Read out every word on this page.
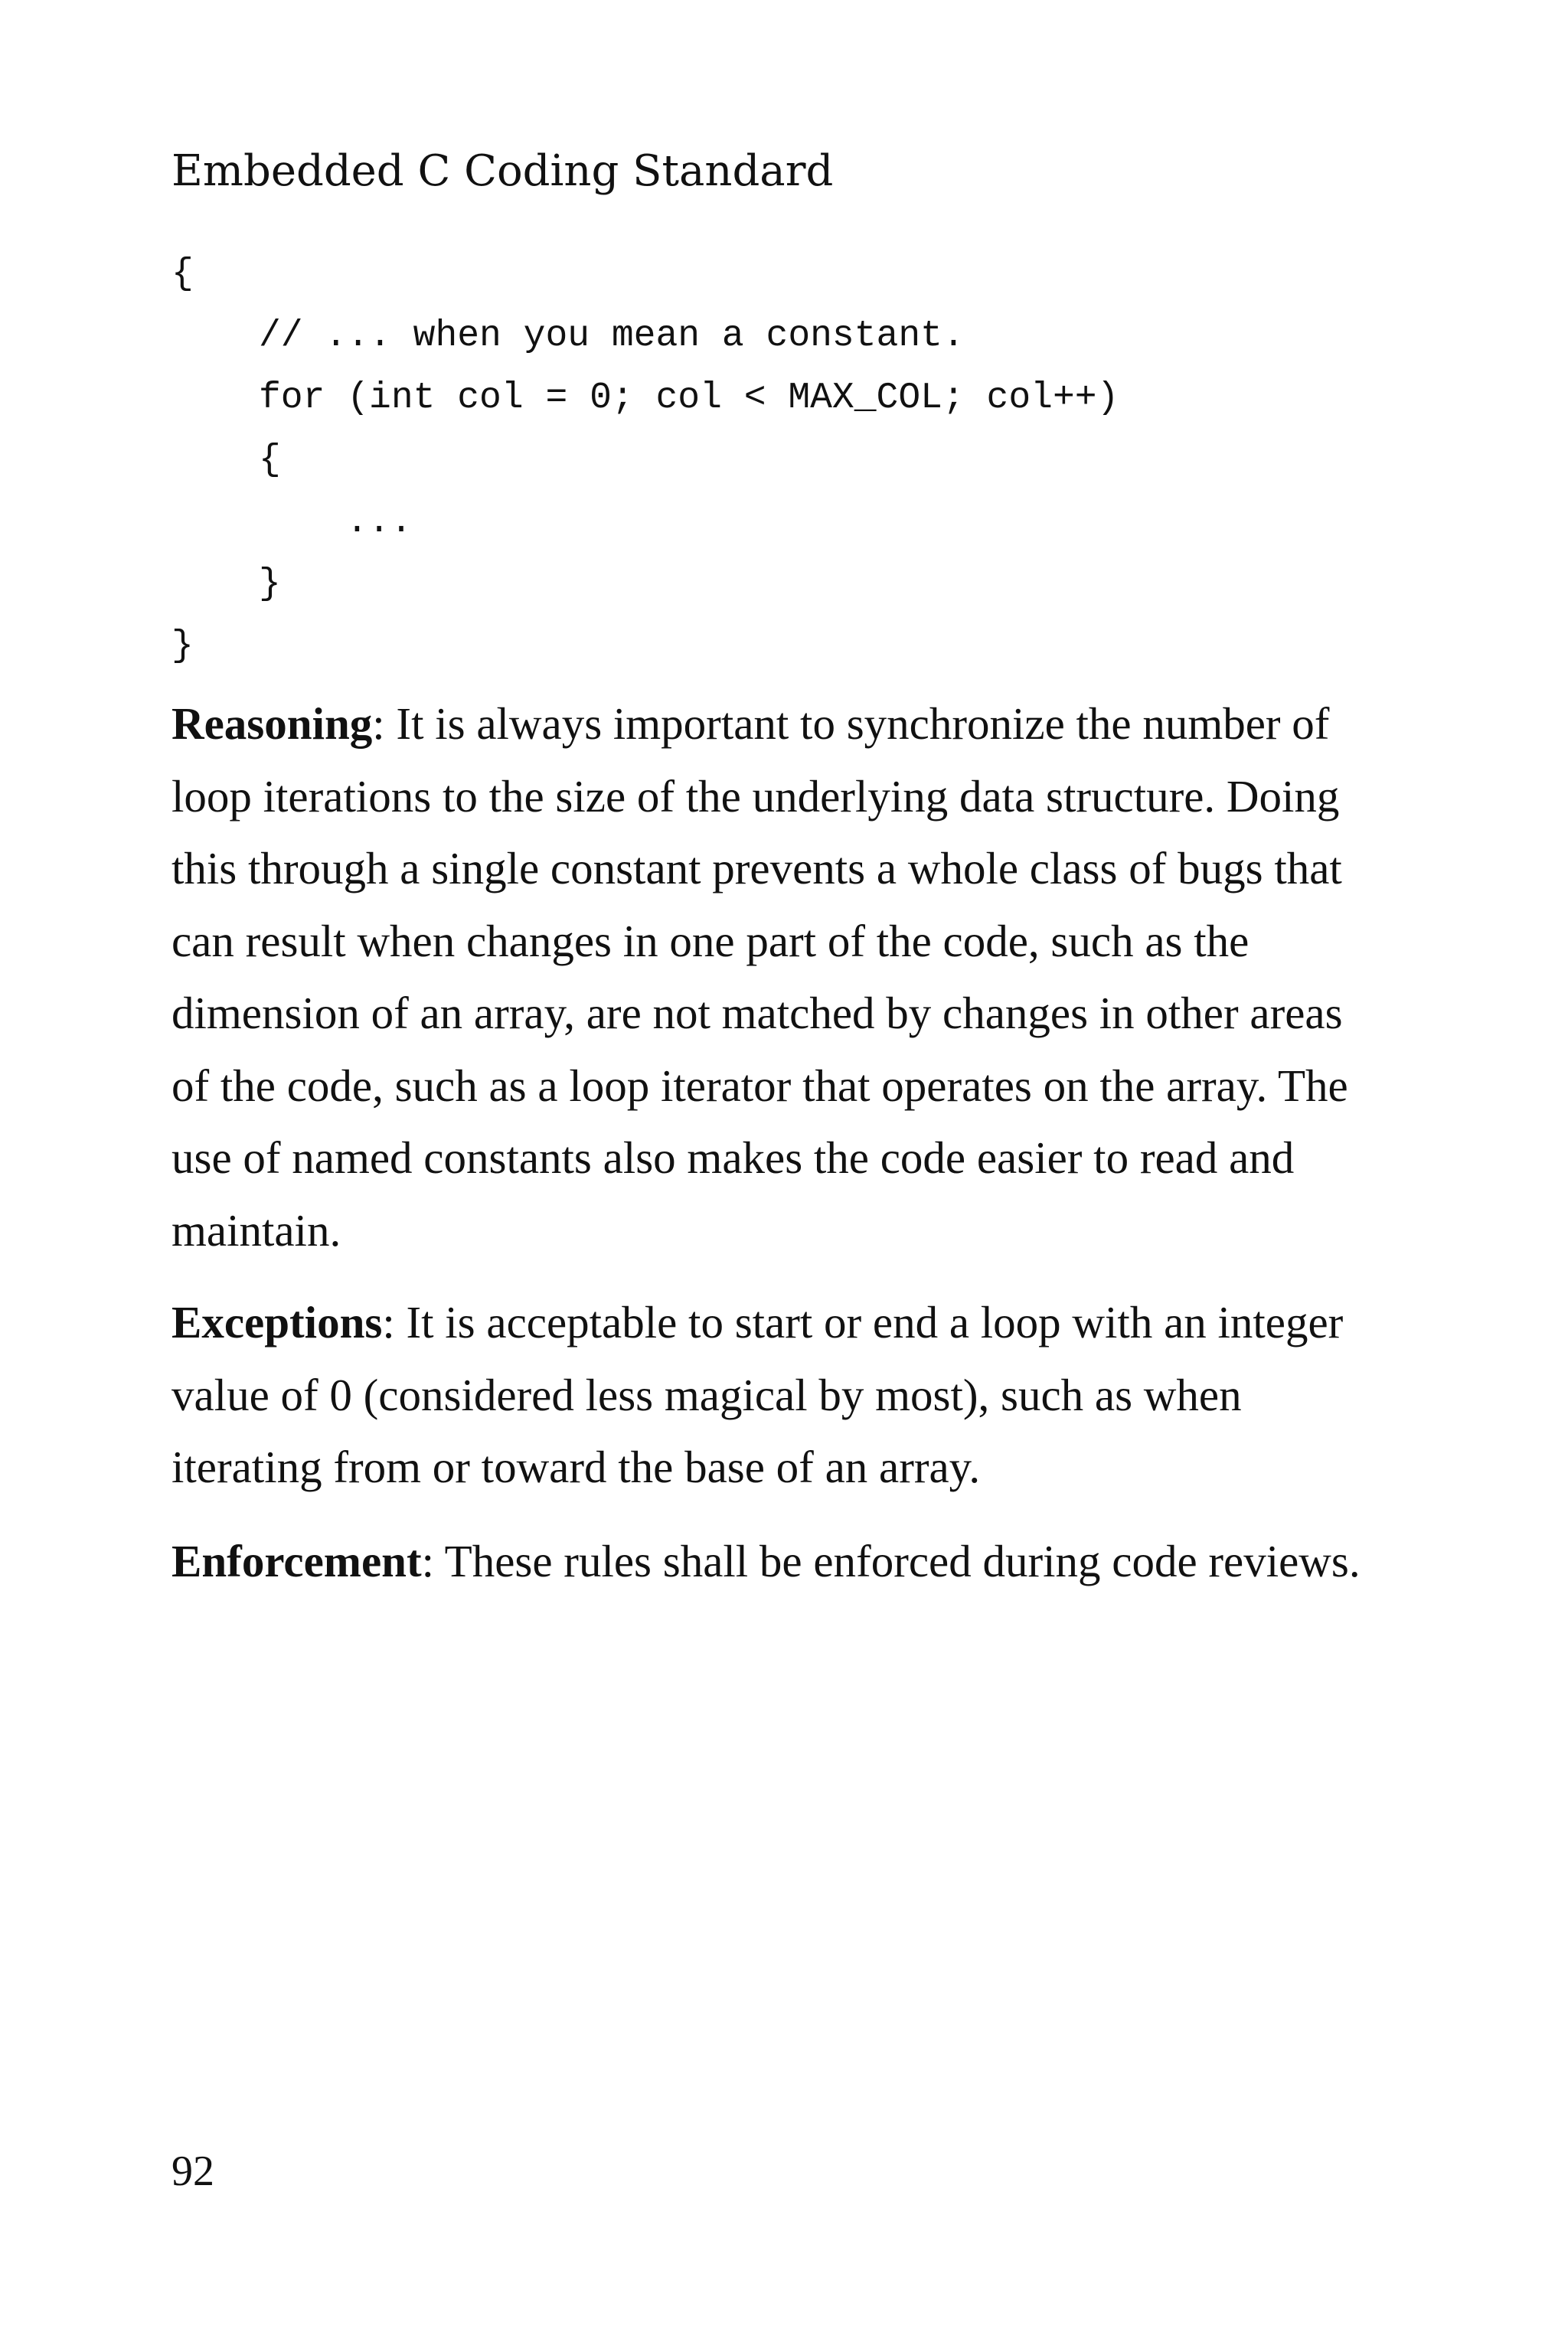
Embedded C Coding Standard
{
// ... when you mean a constant.
for (int col = 0; col < MAX_COL; col++)
{
...
}
}

Reasoning: It is always important to synchronize the number of loop iterations to the size of the underlying data structure. Doing this through a single constant prevents a whole class of bugs that can result when changes in one part of the code, such as the dimension of an array, are not matched by changes in other areas of the code, such as a loop iterator that operates on the array. The use of named constants also makes the code easier to read and maintain.

Exceptions: It is acceptable to start or end a loop with an integer value of 0 (considered less magical by most), such as when iterating from or toward the base of an array.

Enforcement: These rules shall be enforced during code reviews.

92
